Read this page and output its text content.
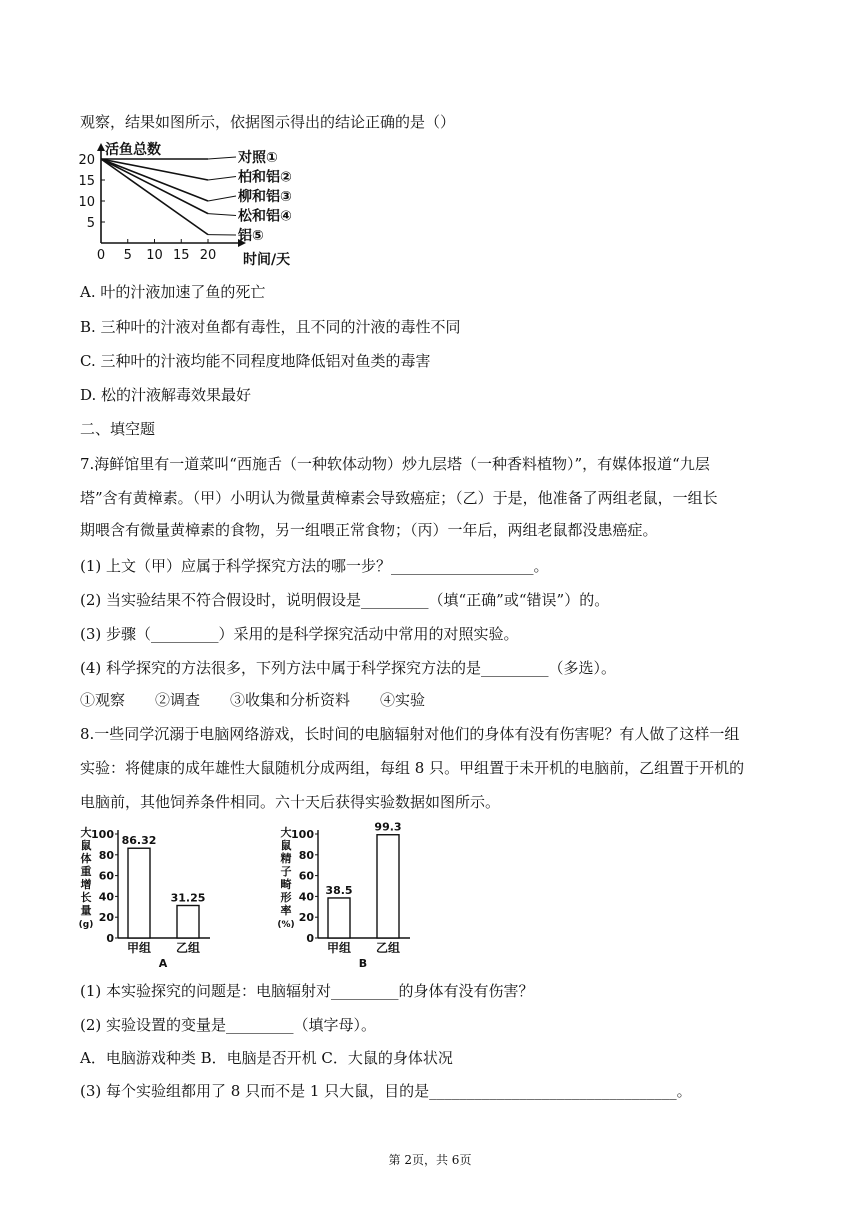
观察，结果如图所示，依据图示得出的结论正确的是（）
0 5 10 15 20
5
10
15
20	对照①
柏和铝②
柳和铝③
松和铝④
铝⑤
活鱼总数
时间/天
A. 叶的汁液加速了鱼的死亡
B. 三种叶的汁液对鱼都有毒性，且不同的汁液的毒性不同
C. 三种叶的汁液均能不同程度地降低铝对鱼类的毒害
D. 松的汁液解毒效果最好
二、填空题
7.海鲜馆里有一道菜叫“西施舌（一种软体动物）炒九层塔（一种香料植物）”，有媒体报道“九层
塔”含有黄樟素。（甲）小明认为微量黄樟素会导致癌症；（乙）于是，他准备了两组老鼠，一组长
期喂含有微量黄樟素的食物，另一组喂正常食物；（丙）一年后，两组老鼠都没患癌症。
(1) 上文（甲）应属于科学探究方法的哪一步？___________________。
(2) 当实验结果不符合假设时，说明假设是_________（填“正确”或“错误”）的。
(3) 步骤（_________）采用的是科学探究活动中常用的对照实验。
(4) 科学探究的方法很多，下列方法中属于科学探究方法的是_________（多选）。
①观察　　②调查　　③收集和分析资料　　④实验
8.一些同学沉溺于电脑网络游戏，长时间的电脑辐射对他们的身体有没有伤害呢？有人做了这样一组
实验：将健康的成年雄性大鼠随机分成两组，每组 8 只。甲组置于未开机的电脑前，乙组置于开机的
电脑前，其他饲养条件相同。六十天后获得实验数据如图所示。
大鼠体重增长量(g)
0
20
40
60
80
100 86.32
甲组
31.25
乙组
A
大鼠精子畸形率(%)
0
20
40
60
80
100
38.5
甲组
99.3
乙组
B
(1) 本实验探究的问题是：电脑辐射对_________的身体有没有伤害？
(2) 实验设置的变量是_________（填字母）。
A．电脑游戏种类 B．电脑是否开机 C．大鼠的身体状况
(3) 每个实验组都用了 8 只而不是 1 只大鼠，目的是_________________________________。
第 2页，共 6页
